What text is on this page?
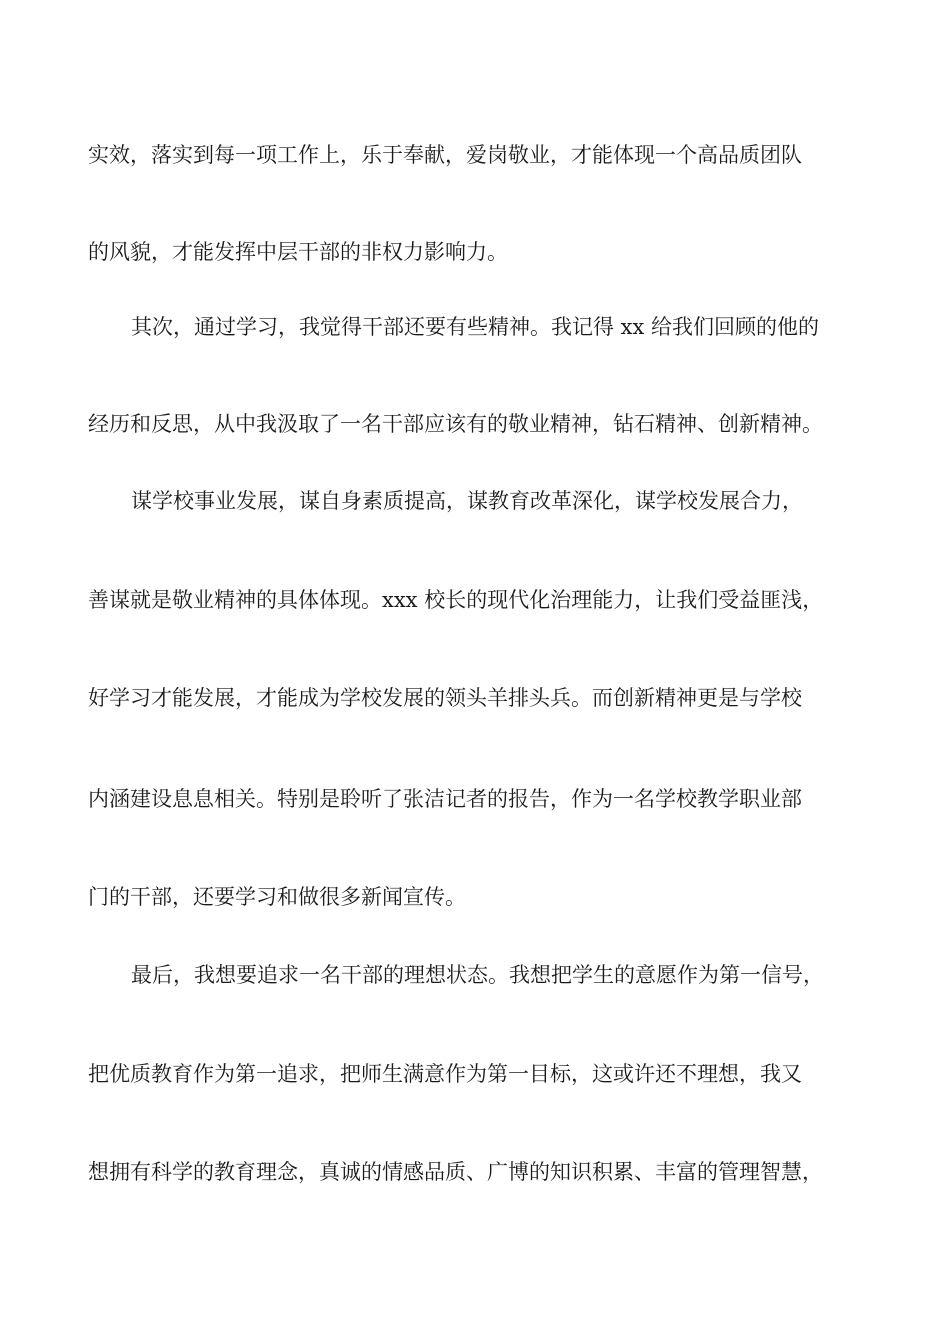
实效，落实到每一项工作上，乐于奉献，爱岗敬业，才能体现一个高品质团队
的风貌，才能发挥中层干部的非权力影响力。
其次，通过学习，我觉得干部还要有些精神。我记得 xx 给我们回顾的他的
经历和反思，从中我汲取了一名干部应该有的敬业精神，钻石精神、创新精神。
谋学校事业发展，谋自身素质提高，谋教育改革深化，谋学校发展合力，
善谋就是敬业精神的具体体现。xxx 校长的现代化治理能力，让我们受益匪浅，
好学习才能发展，才能成为学校发展的领头羊排头兵。而创新精神更是与学校
内涵建设息息相关。特别是聆听了张洁记者的报告，作为一名学校教学职业部
门的干部，还要学习和做很多新闻宣传。
最后，我想要追求一名干部的理想状态。我想把学生的意愿作为第一信号，
把优质教育作为第一追求，把师生满意作为第一目标，这或许还不理想，我又
想拥有科学的教育理念，真诚的情感品质、广博的知识积累、丰富的管理智慧，
